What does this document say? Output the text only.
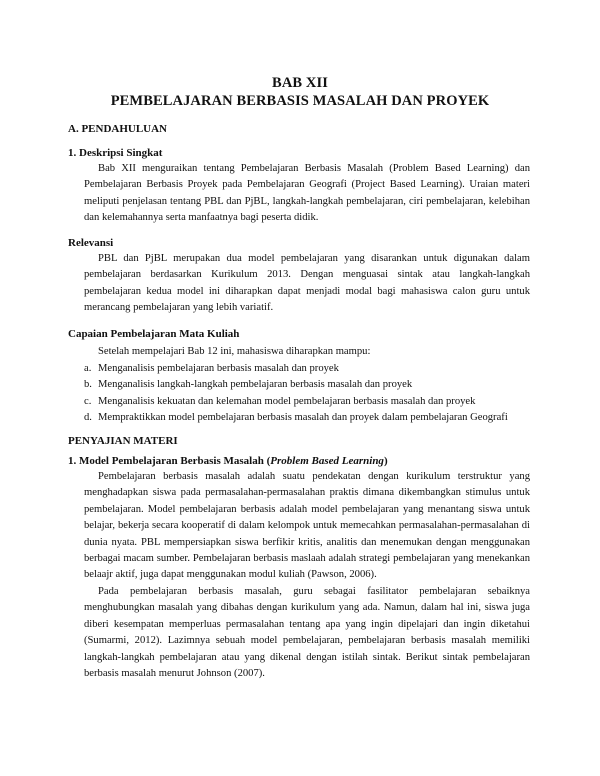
BAB XII
PEMBELAJARAN BERBASIS MASALAH DAN PROYEK
A. PENDAHULUAN
1. Deskripsi Singkat

Bab XII menguraikan tentang Pembelajaran Berbasis Masalah (Problem Based Learning) dan Pembelajaran Berbasis Proyek pada Pembelajaran Geografi (Project Based Learning). Uraian materi meliputi penjelasan tentang PBL dan PjBL, langkah-langkah pembelajaran, ciri pembelajaran, kelebihan dan kelemahannya serta manfaatnya bagi peserta didik.

Relevansi

PBL dan PjBL merupakan dua model pembelajaran yang disarankan untuk digunakan dalam pembelajaran berdasarkan Kurikulum 2013. Dengan menguasai sintak atau langkah-langkah pembelajaran kedua model ini diharapkan dapat menjadi modal bagi mahasiswa calon guru untuk merancang pembelajaran yang lebih variatif.

Capaian Pembelajaran Mata Kuliah
Setelah mempelajari Bab 12 ini, mahasiswa diharapkan mampu:
a. Menganalisis pembelajaran berbasis masalah dan proyek
b. Menganalisis langkah-langkah pembelajaran berbasis masalah dan proyek
c. Menganalisis kekuatan dan kelemahan model pembelajaran berbasis masalah dan proyek
d. Mempraktikkan model pembelajaran berbasis masalah dan proyek dalam pembelajaran Geografi
PENYAJIAN MATERI
1. Model Pembelajaran Berbasis Masalah (Problem Based Learning)

Pembelajaran berbasis masalah adalah suatu pendekatan dengan kurikulum terstruktur yang menghadapkan siswa pada permasalahan-permasalahan praktis dimana dikembangkan stimulus untuk pembelajaran. Model pembelajaran berbasis adalah model pembelajaran yang menantang siswa untuk belajar, bekerja secara kooperatif di dalam kelompok untuk memecahkan permasalahan-permasalahan di dunia nyata. PBL mempersiapkan siswa berfikir kritis, analitis dan menemukan dengan menggunakan berbagai macam sumber. Pembelajaran berbasis maslaah adalah strategi pembelajaran yang menekankan belaajr aktif, juga dapat menggunakan modul kuliah (Pawson, 2006).

Pada pembelajaran berbasis masalah, guru sebagai fasilitator pembelajaran sebaiknya menghubungkan masalah yang dibahas dengan kurikulum yang ada. Namun, dalam hal ini, siswa juga diberi kesempatan memperluas permasalahan tentang apa yang ingin dipelajari dan ingin diketahui (Sumarmi, 2012). Lazimnya sebuah model pembelajaran, pembelajaran berbasis masalah memiliki langkah-langkah pembelajaran atau yang dikenal dengan istilah sintak. Berikut sintak pembelajaran berbasis masalah menurut Johnson (2007).
